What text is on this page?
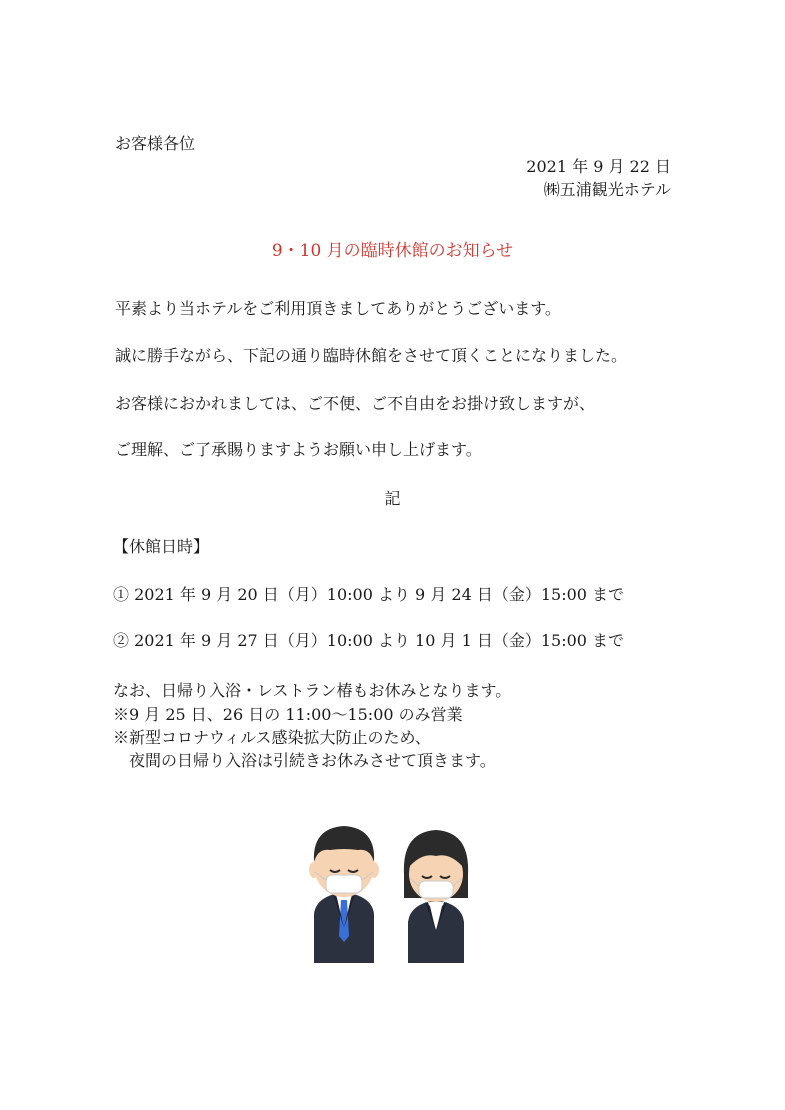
お客様各位
2021 年 9 月 22 日
㈱五浦観光ホテル
9・10 月の臨時休館のお知らせ
平素より当ホテルをご利用頂きましてありがとうございます。
誠に勝手ながら、下記の通り臨時休館をさせて頂くことになりました。
お客様におかれましては、ご不便、ご不自由をお掛け致しますが、
ご理解、ご了承賜りますようお願い申し上げます。
記
【休館日時】
① 2021 年 9 月 20 日（月）10:00 より 9 月 24 日（金）15:00 まで
② 2021 年 9 月 27 日（月）10:00 より 10 月 1 日（金）15:00 まで
なお、日帰り入浴・レストラン椿もお休みとなります。
※9 月 25 日、26 日の 11:00～15:00 のみ営業
※新型コロナウィルス感染拡大防止のため、
　夜間の日帰り入浴は引続きお休みさせて頂きます。
